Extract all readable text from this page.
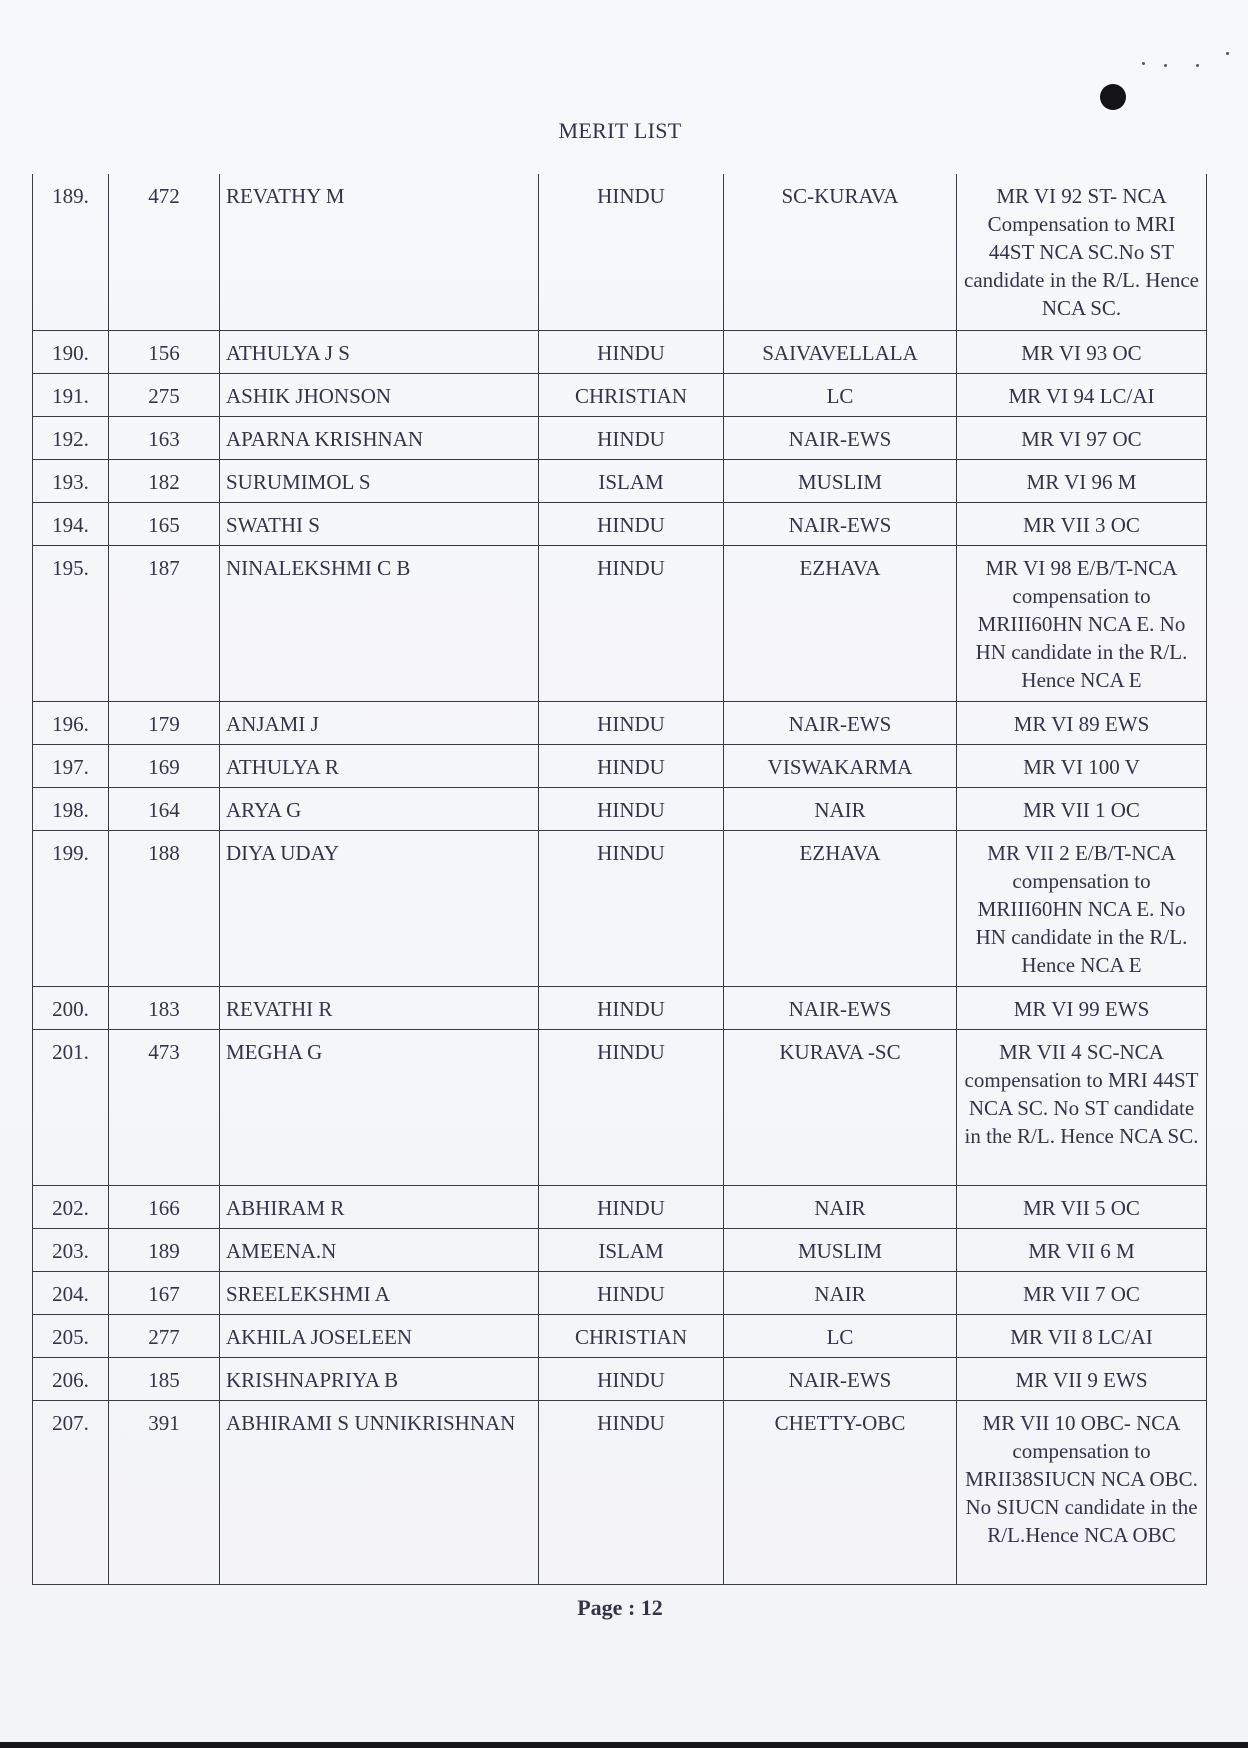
MERIT LIST
189.	472	REVATHY M	HINDU	SC-KURAVA	MR VI 92 ST- NCA Compensation to MRI 44ST NCA SC.No ST candidate in the R/L. Hence NCA SC.
190.	156	ATHULYA J S	HINDU	SAIVAVELLALA	MR VI 93 OC
191.	275	ASHIK JHONSON	CHRISTIAN	LC	MR VI 94 LC/AI
192.	163	APARNA KRISHNAN	HINDU	NAIR-EWS	MR VI 97 OC
193.	182	SURUMIMOL S	ISLAM	MUSLIM	MR VI 96 M
194.	165	SWATHI S	HINDU	NAIR-EWS	MR VII 3 OC
195.	187	NINALEKSHMI C B	HINDU	EZHAVA	MR VI 98 E/B/T-NCA compensation to MRIII60HN NCA E. No HN candidate in the R/L. Hence NCA E
196.	179	ANJAMI J	HINDU	NAIR-EWS	MR VI 89 EWS
197.	169	ATHULYA R	HINDU	VISWAKARMA	MR VI 100 V
198.	164	ARYA G	HINDU	NAIR	MR VII 1 OC
199.	188	DIYA UDAY	HINDU	EZHAVA	MR VII 2 E/B/T-NCA compensation to MRIII60HN NCA E. No HN candidate in the R/L. Hence NCA E
200.	183	REVATHI R	HINDU	NAIR-EWS	MR VI 99 EWS
201.	473	MEGHA G	HINDU	KURAVA -SC	MR VII 4 SC-NCA compensation to MRI 44ST NCA SC. No ST candidate in the R/L. Hence NCA SC.
202.	166	ABHIRAM R	HINDU	NAIR	MR VII 5 OC
203.	189	AMEENA.N	ISLAM	MUSLIM	MR VII 6 M
204.	167	SREELEKSHMI A	HINDU	NAIR	MR VII 7 OC
205.	277	AKHILA JOSELEEN	CHRISTIAN	LC	MR VII 8 LC/AI
206.	185	KRISHNAPRIYA B	HINDU	NAIR-EWS	MR VII 9 EWS
207.	391	ABHIRAMI S UNNIKRISHNAN	HINDU	CHETTY-OBC	MR VII 10 OBC- NCA compensation to MRII38SIUCN NCA OBC. No SIUCN candidate in the R/L.Hence NCA OBC
Page : 12
